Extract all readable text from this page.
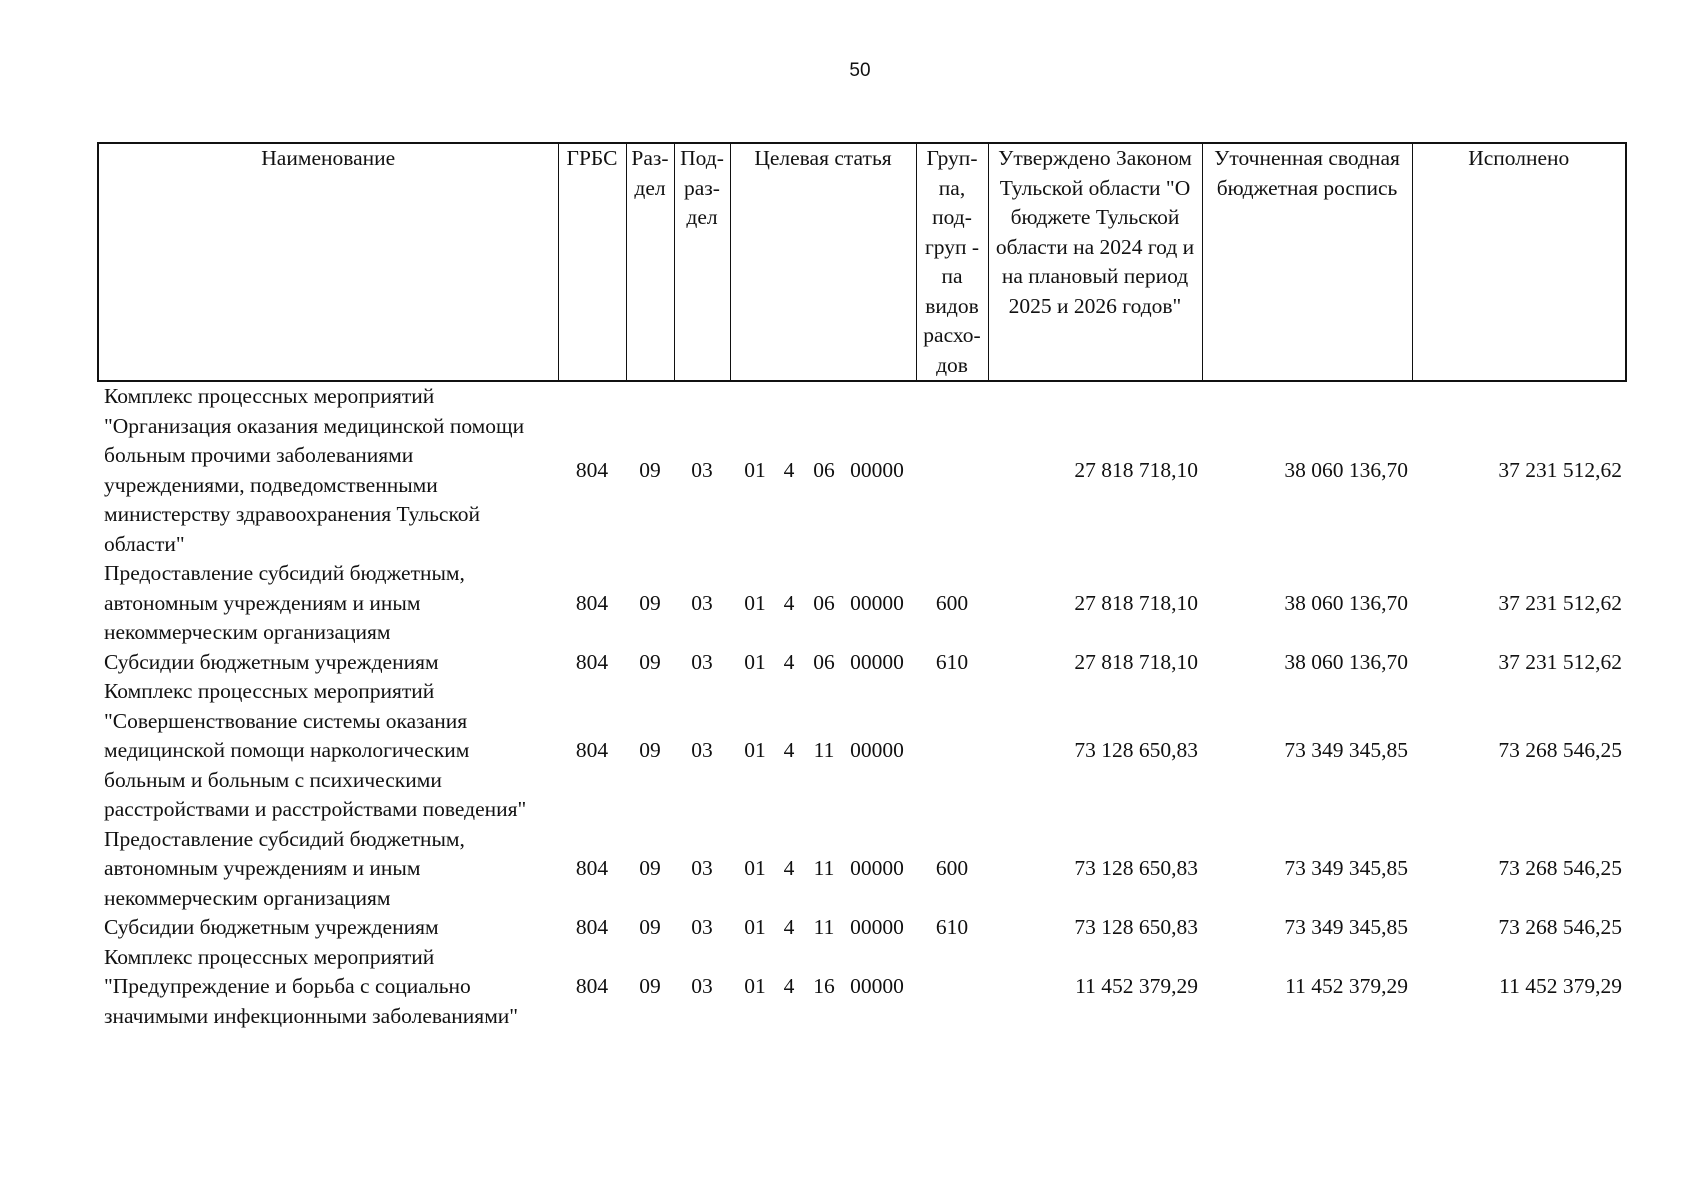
50
Наименование	ГРБС	Раз-дел	Под-раз-дел	Целевая статья	Груп-па, под-груп - па видов расхо-дов	Утверждено Законом Тульской области "О бюджете Тульской области на 2024 год и на плановый период 2025 и 2026 годов"	Уточненная сводная бюджетная роспись	Исполнено
Комплекс процессных мероприятий "Организация оказания медицинской помощи больным прочими заболеваниями учреждениями, подведомственными министерству здравоохранения Тульской области"	804	09	03	01 4 06 00000		27 818 718,10	38 060 136,70	37 231 512,62
Предоставление субсидий бюджетным, автономным учреждениям и иным некоммерческим организациям	804	09	03	01 4 06 00000	600	27 818 718,10	38 060 136,70	37 231 512,62
Субсидии бюджетным учреждениям	804	09	03	01 4 06 00000	610	27 818 718,10	38 060 136,70	37 231 512,62
Комплекс процессных мероприятий "Совершенствование системы оказания медицинской помощи наркологическим больным и больным с психическими расстройствами и расстройствами поведения"	804	09	03	01 4 11 00000		73 128 650,83	73 349 345,85	73 268 546,25
Предоставление субсидий бюджетным, автономным учреждениям и иным некоммерческим организациям	804	09	03	01 4 11 00000	600	73 128 650,83	73 349 345,85	73 268 546,25
Субсидии бюджетным учреждениям	804	09	03	01 4 11 00000	610	73 128 650,83	73 349 345,85	73 268 546,25
Комплекс процессных мероприятий "Предупреждение и борьба с социально значимыми инфекционными заболеваниями"	804	09	03	01 4 16 00000		11 452 379,29	11 452 379,29	11 452 379,29
